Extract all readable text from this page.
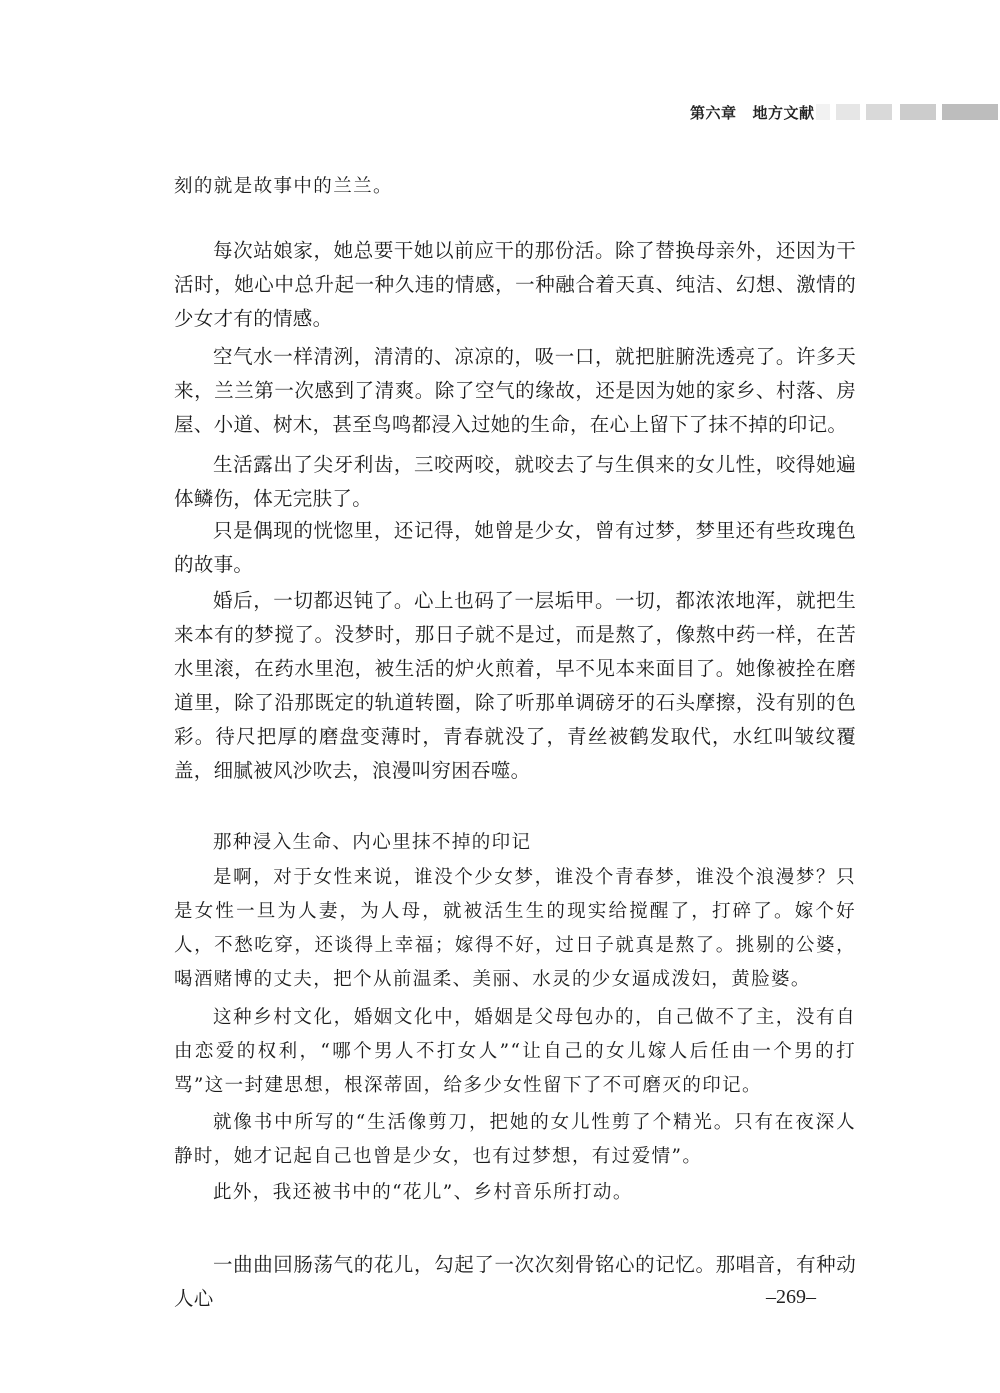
第六章 地方文献

刻的就是故事中的兰兰。

每次站娘家，她总要干她以前应干的那份活。除了替换母亲外，还因为干活时，她心中总升起一种久违的情感，一种融合着天真、纯洁、幻想、激情的少女才有的情感。

空气水一样清洌，清清的、凉凉的，吸一口，就把脏腑洗透亮了。许多天来，兰兰第一次感到了清爽。除了空气的缘故，还是因为她的家乡、村落、房屋、小道、树木，甚至鸟鸣都浸入过她的生命，在心上留下了抹不掉的印记。

生活露出了尖牙利齿，三咬两咬，就咬去了与生俱来的女儿性，咬得她遍体鳞伤，体无完肤了。

只是偶现的恍惚里，还记得，她曾是少女，曾有过梦，梦里还有些玫瑰色的故事。

婚后，一切都迟钝了。心上也码了一层垢甲。一切，都浓浓地浑，就把生来本有的梦搅了。没梦时，那日子就不是过，而是熬了，像熬中药一样，在苦水里滚，在药水里泡，被生活的炉火煎着，早不见本来面目了。她像被拴在磨道里，除了沿那既定的轨道转圈，除了听那单调磅牙的石头摩擦，没有别的色彩。待尺把厚的磨盘变薄时，青春就没了，青丝被鹤发取代，水红叫皱纹覆盖，细腻被风沙吹去，浪漫叫穷困吞噬。

那种浸入生命、内心里抹不掉的印记

是啊，对于女性来说，谁没个少女梦，谁没个青春梦，谁没个浪漫梦？只是女性一旦为人妻，为人母，就被活生生的现实给搅醒了，打碎了。嫁个好人，不愁吃穿，还谈得上幸福；嫁得不好，过日子就真是熬了。挑剔的公婆，喝酒赌博的丈夫，把个从前温柔、美丽、水灵的少女逼成泼妇，黄脸婆。

这种乡村文化，婚姻文化中，婚姻是父母包办的，自己做不了主，没有自由恋爱的权利，“哪个男人不打女人”“让自己的女儿嫁人后任由一个男的打骂”这一封建思想，根深蒂固，给多少女性留下了不可磨灭的印记。

就像书中所写的“生活像剪刀，把她的女儿性剪了个精光。只有在夜深人静时，她才记起自己也曾是少女，也有过梦想，有过爱情”。

此外，我还被书中的“花儿”、乡村音乐所打动。

一曲曲回肠荡气的花儿，勾起了一次次刻骨铭心的记忆。那唱音，有种动人心	–269–
